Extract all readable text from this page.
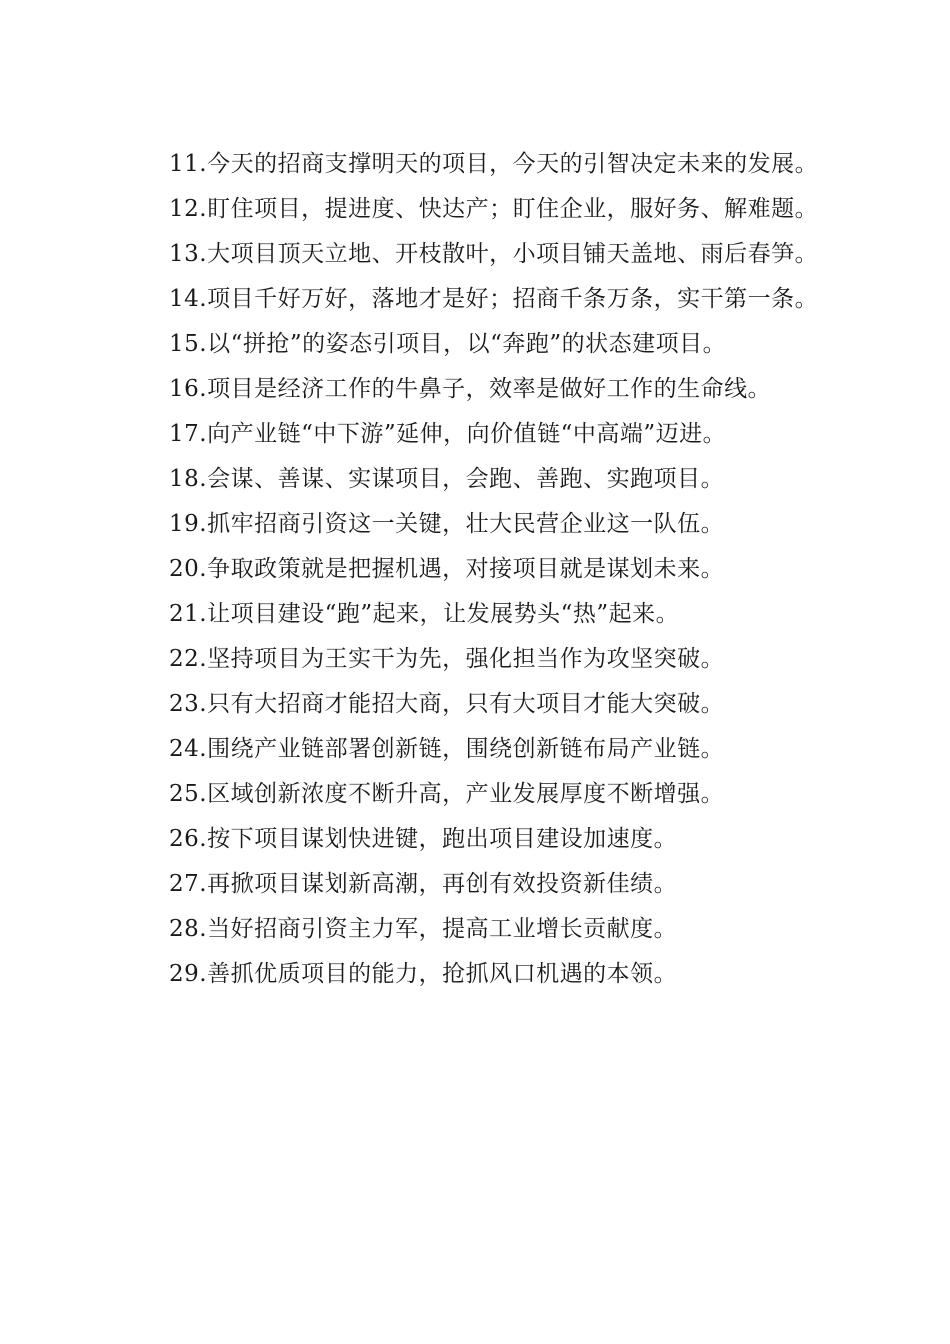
11.今天的招商支撑明天的项目，今天的引智决定未来的发展。

12.盯住项目，提进度、快达产；盯住企业，服好务、解难题。

13.大项目顶天立地、开枝散叶，小项目铺天盖地、雨后春笋。

14.项目千好万好，落地才是好；招商千条万条，实干第一条。

15.以“拼抢”的姿态引项目，以“奔跑”的状态建项目。

16.项目是经济工作的牛鼻子，效率是做好工作的生命线。

17.向产业链“中下游”延伸，向价值链“中高端”迈进。

18.会谋、善谋、实谋项目，会跑、善跑、实跑项目。

19.抓牢招商引资这一关键，壮大民营企业这一队伍。

20.争取政策就是把握机遇，对接项目就是谋划未来。

21.让项目建设“跑”起来，让发展势头“热”起来。

22.坚持项目为王实干为先，强化担当作为攻坚突破。

23.只有大招商才能招大商，只有大项目才能大突破。

24.围绕产业链部署创新链，围绕创新链布局产业链。

25.区域创新浓度不断升高，产业发展厚度不断增强。

26.按下项目谋划快进键，跑出项目建设加速度。

27.再掀项目谋划新高潮，再创有效投资新佳绩。

28.当好招商引资主力军，提高工业增长贡献度。

29.善抓优质项目的能力，抢抓风口机遇的本领。
